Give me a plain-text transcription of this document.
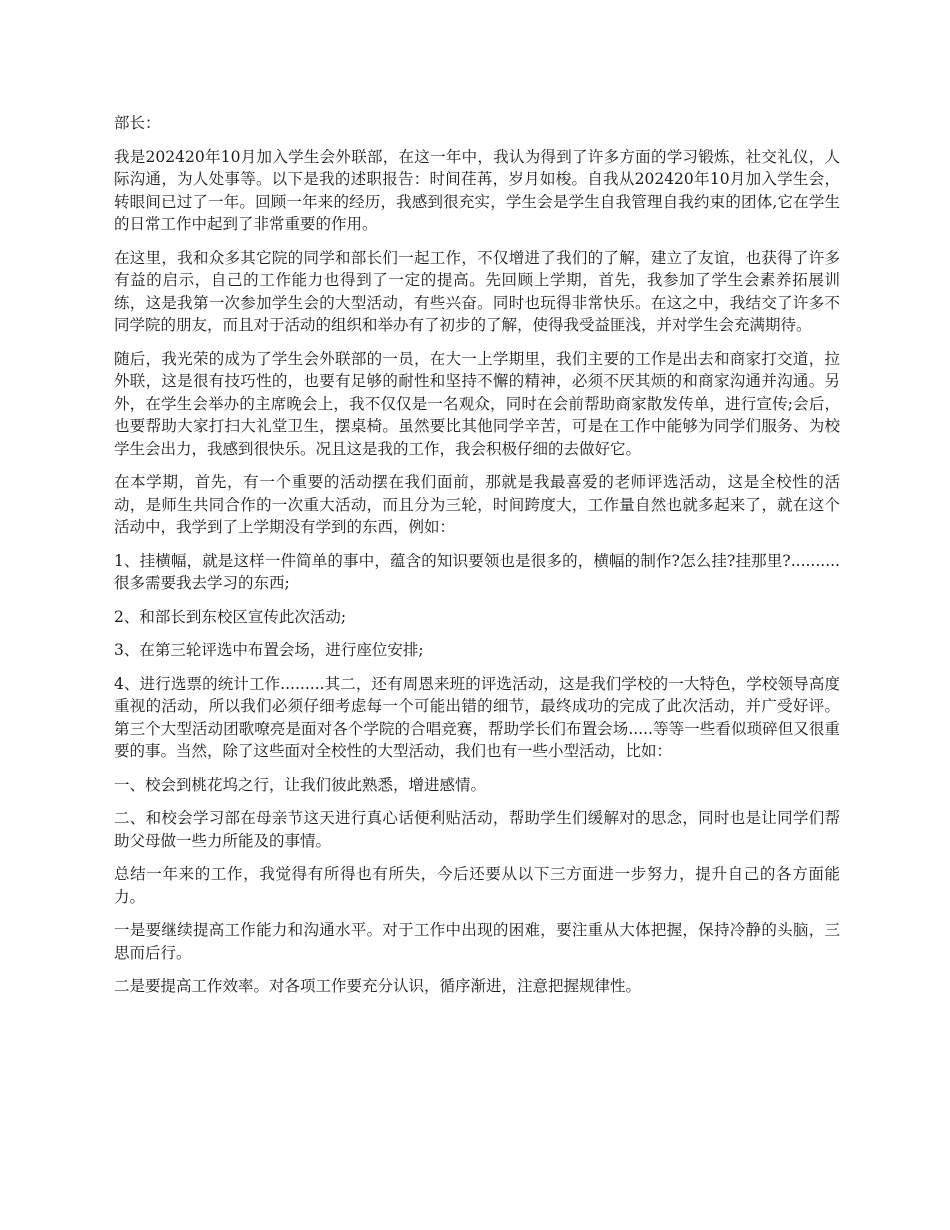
部长：

我是202420年10月加入学生会外联部，在这一年中，我认为得到了许多方面的学习锻炼，社交礼仪，人际沟通，为人处事等。以下是我的述职报告：时间荏苒，岁月如梭。自我从202420年10月加入学生会，转眼间已过了一年。回顾一年来的经历，我感到很充实，学生会是学生自我管理自我约束的团体,它在学生的日常工作中起到了非常重要的作用。

在这里，我和众多其它院的同学和部长们一起工作，不仅增进了我们的了解，建立了友谊，也获得了许多有益的启示，自己的工作能力也得到了一定的提高。先回顾上学期，首先，我参加了学生会素养拓展训练，这是我第一次参加学生会的大型活动，有些兴奋。同时也玩得非常快乐。在这之中，我结交了许多不同学院的朋友，而且对于活动的组织和举办有了初步的了解，使得我受益匪浅，并对学生会充满期待。

随后，我光荣的成为了学生会外联部的一员，在大一上学期里，我们主要的工作是出去和商家打交道，拉外联，这是很有技巧性的，也要有足够的耐性和坚持不懈的精神，必须不厌其烦的和商家沟通并沟通。另外，在学生会举办的主席晚会上，我不仅仅是一名观众，同时在会前帮助商家散发传单，进行宣传;会后，也要帮助大家打扫大礼堂卫生，摆桌椅。虽然要比其他同学辛苦，可是在工作中能够为同学们服务、为校学生会出力，我感到很快乐。况且这是我的工作，我会积极仔细的去做好它。

在本学期，首先，有一个重要的活动摆在我们面前，那就是我最喜爱的老师评选活动，这是全校性的活动，是师生共同合作的一次重大活动，而且分为三轮，时间跨度大，工作量自然也就多起来了，就在这个活动中，我学到了上学期没有学到的东西，例如：

1、挂横幅，就是这样一件简单的事中，蕴含的知识要领也是很多的，横幅的制作?怎么挂?挂那里?..........很多需要我去学习的东西;

2、和部长到东校区宣传此次活动;

3、在第三轮评选中布置会场，进行座位安排;

4、进行选票的统计工作.........其二，还有周恩来班的评选活动，这是我们学校的一大特色，学校领导高度重视的活动，所以我们必须仔细考虑每一个可能出错的细节，最终成功的完成了此次活动，并广受好评。第三个大型活动团歌嘹亮是面对各个学院的合唱竞赛，帮助学长们布置会场.....等等一些看似琐碎但又很重要的事。当然，除了这些面对全校性的大型活动，我们也有一些小型活动，比如：

一、校会到桃花坞之行，让我们彼此熟悉，增进感情。

二、和校会学习部在母亲节这天进行真心话便利贴活动，帮助学生们缓解对的思念，同时也是让同学们帮助父母做一些力所能及的事情。

总结一年来的工作，我觉得有所得也有所失，今后还要从以下三方面进一步努力，提升自己的各方面能力。

一是要继续提高工作能力和沟通水平。对于工作中出现的困难，要注重从大体把握，保持冷静的头脑，三思而后行。

二是要提高工作效率。对各项工作要充分认识，循序渐进，注意把握规律性。
